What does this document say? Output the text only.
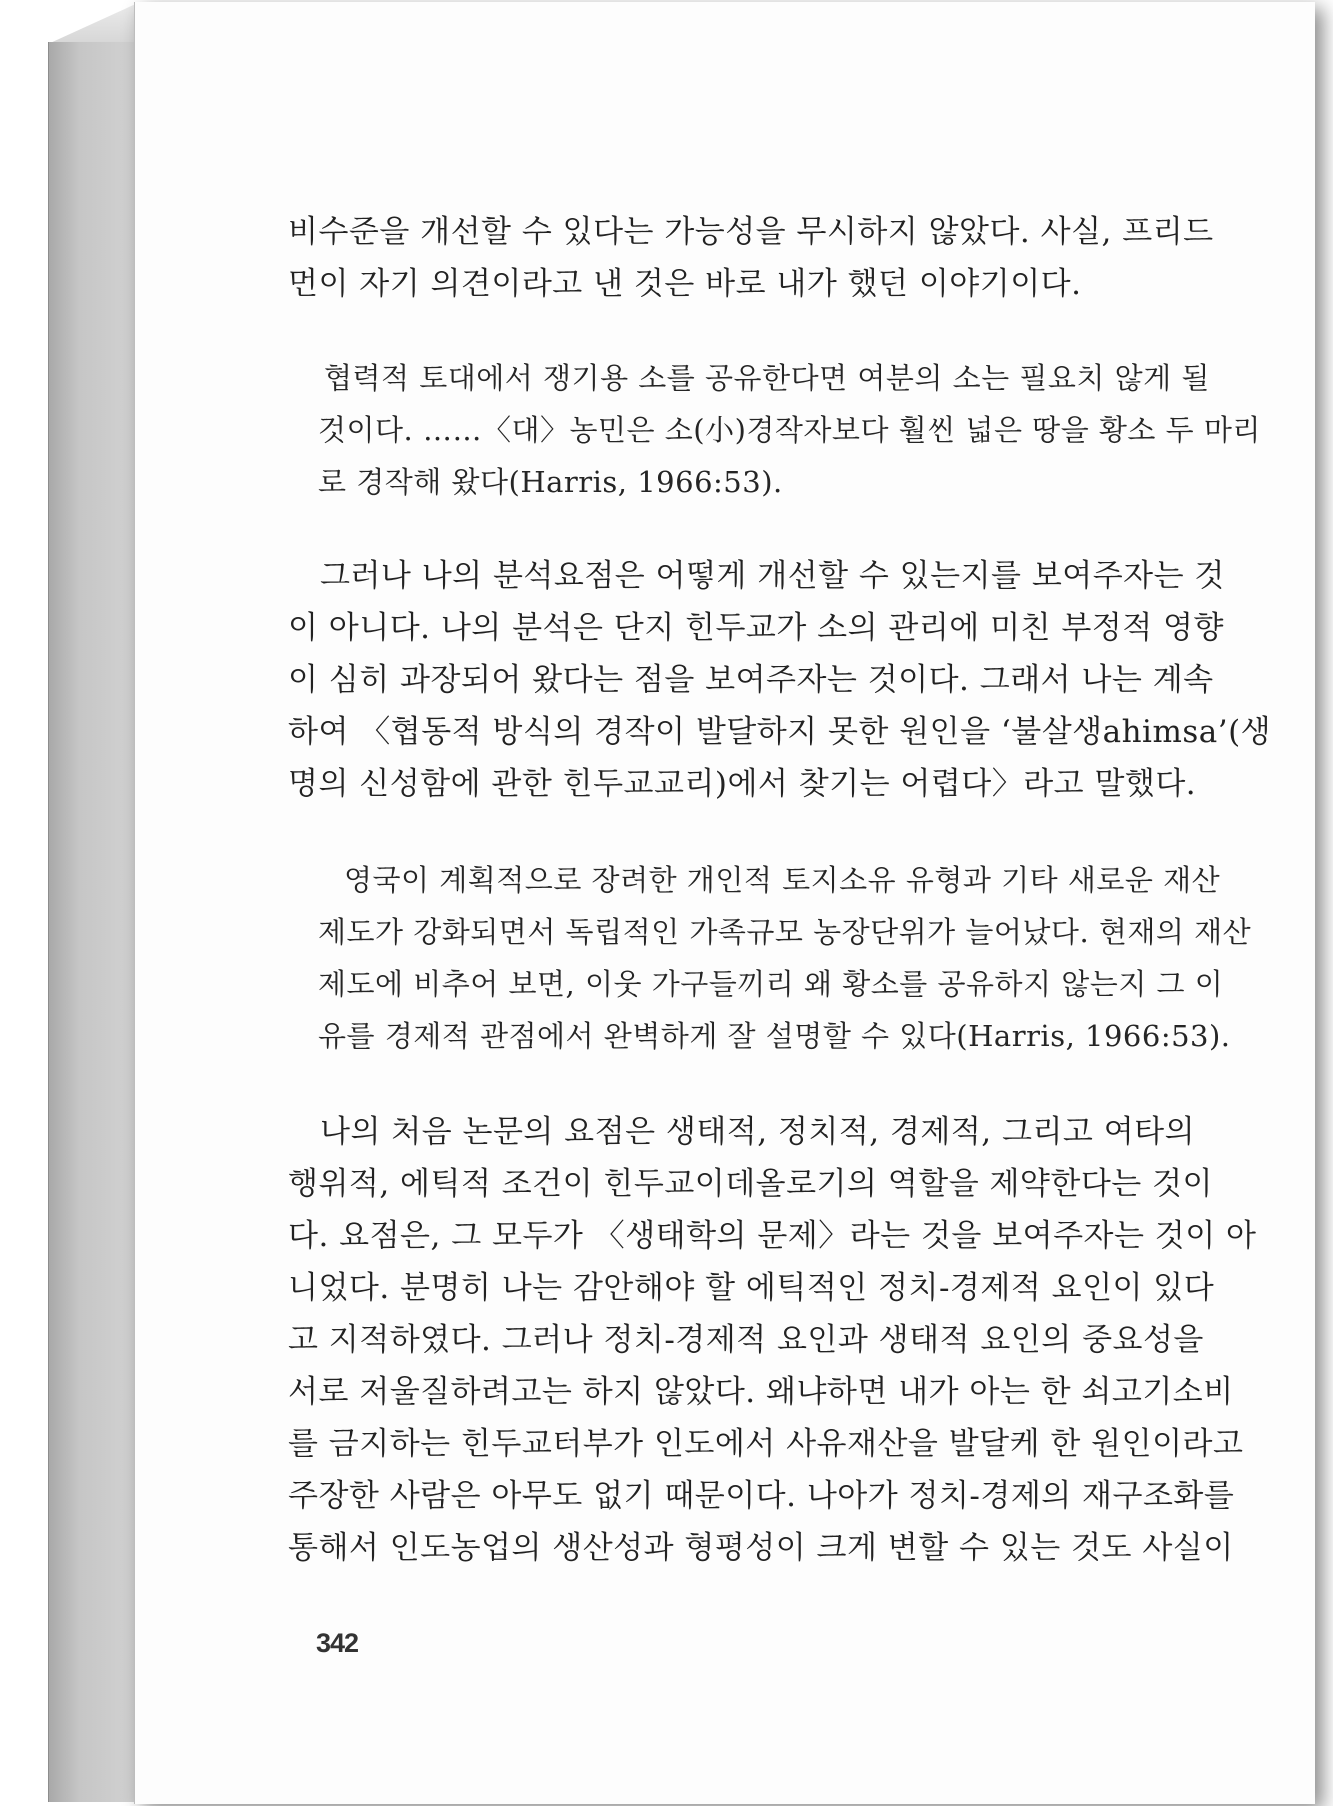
비수준을 개선할 수 있다는 가능성을 무시하지 않았다. 사실, 프리드
먼이 자기 의견이라고 낸 것은 바로 내가 했던 이야기이다.
협력적 토대에서 쟁기용 소를 공유한다면 여분의 소는 필요치 않게 될
것이다. ……〈대〉농민은 소(小)경작자보다 훨씬 넓은 땅을 황소 두 마리
로 경작해 왔다(Harris, 1966:53).
그러나 나의 분석요점은 어떻게 개선할 수 있는지를 보여주자는 것
이 아니다. 나의 분석은 단지 힌두교가 소의 관리에 미친 부정적 영향
이 심히 과장되어 왔다는 점을 보여주자는 것이다. 그래서 나는 계속
하여 〈협동적 방식의 경작이 발달하지 못한 원인을 ‘불살생ahimsa’(생
명의 신성함에 관한 힌두교교리)에서 찾기는 어렵다〉라고 말했다.
영국이 계획적으로 장려한 개인적 토지소유 유형과 기타 새로운 재산
제도가 강화되면서 독립적인 가족규모 농장단위가 늘어났다. 현재의 재산
제도에 비추어 보면, 이웃 가구들끼리 왜 황소를 공유하지 않는지 그 이
유를 경제적 관점에서 완벽하게 잘 설명할 수 있다(Harris, 1966:53).
나의 처음 논문의 요점은 생태적, 정치적, 경제적, 그리고 여타의
행위적, 에틱적 조건이 힌두교이데올로기의 역할을 제약한다는 것이
다. 요점은, 그 모두가 〈생태학의 문제〉라는 것을 보여주자는 것이 아
니었다. 분명히 나는 감안해야 할 에틱적인 정치-경제적 요인이 있다
고 지적하였다. 그러나 정치-경제적 요인과 생태적 요인의 중요성을
서로 저울질하려고는 하지 않았다. 왜냐하면 내가 아는 한 쇠고기소비
를 금지하는 힌두교터부가 인도에서 사유재산을 발달케 한 원인이라고
주장한 사람은 아무도 없기 때문이다. 나아가 정치-경제의 재구조화를
통해서 인도농업의 생산성과 형평성이 크게 변할 수 있는 것도 사실이
342
